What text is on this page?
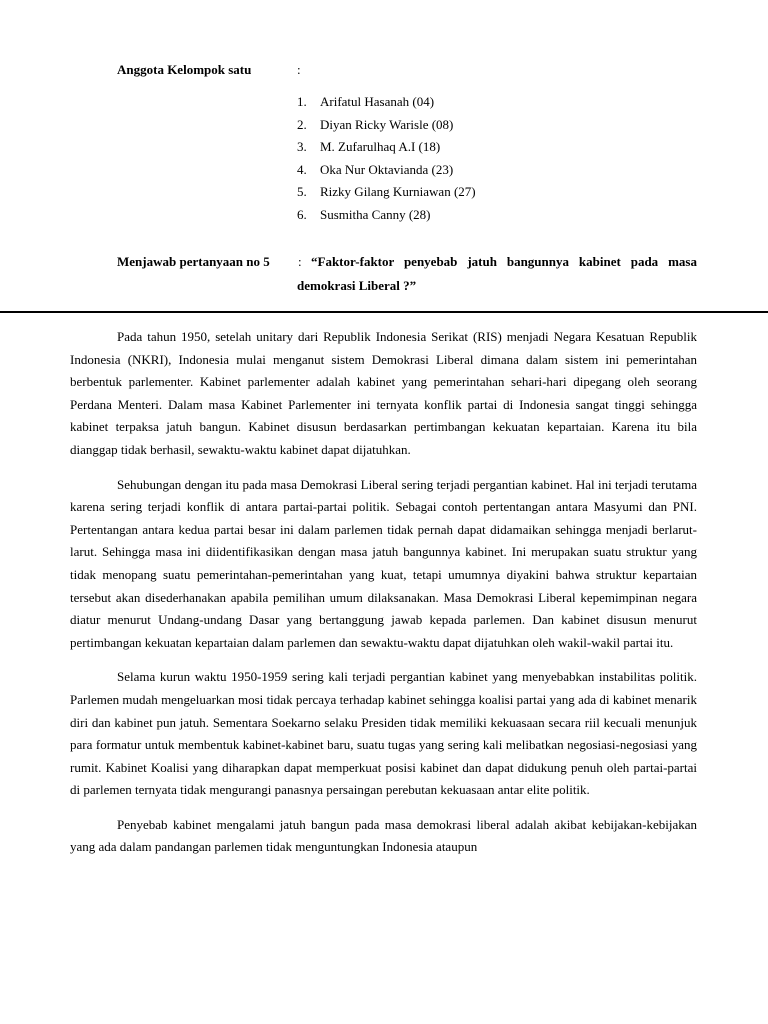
Anggota Kelompok satu	:
1.	Arifatul Hasanah (04)
2.	Diyan Ricky Warisle (08)
3.	M. Zufarulhaq A.I (18)
4.	Oka Nur Oktavianda (23)
5.	Rizky Gilang Kurniawan (27)
6.	Susmitha Canny (28)
Menjawab pertanyaan no 5 : “Faktor-faktor penyebab jatuh bangunnya kabinet pada masa demokrasi Liberal ?”

Pada tahun 1950, setelah unitary dari Republik Indonesia Serikat (RIS) menjadi Negara Kesatuan Republik Indonesia (NKRI), Indonesia mulai menganut sistem Demokrasi Liberal dimana dalam sistem ini pemerintahan berbentuk parlementer. Kabinet parlementer adalah kabinet yang pemerintahan sehari-hari dipegang oleh seorang Perdana Menteri. Dalam masa Kabinet Parlementer ini ternyata konflik partai di Indonesia sangat tinggi sehingga kabinet terpaksa jatuh bangun. Kabinet disusun berdasarkan pertimbangan kekuatan kepartaian. Karena itu bila dianggap tidak berhasil, sewaktu-waktu kabinet dapat dijatuhkan.

Sehubungan dengan itu pada masa Demokrasi Liberal sering terjadi pergantian kabinet. Hal ini terjadi terutama karena sering terjadi konflik di antara partai-partai politik. Sebagai contoh pertentangan antara Masyumi dan PNI. Pertentangan antara kedua partai besar ini dalam parlemen tidak pernah dapat didamaikan sehingga menjadi berlarut-larut. Sehingga masa ini diidentifikasikan dengan masa jatuh bangunnya kabinet. Ini merupakan suatu struktur yang tidak menopang suatu pemerintahan-pemerintahan yang kuat, tetapi umumnya diyakini bahwa struktur kepartaian tersebut akan disederhanakan apabila pemilihan umum dilaksanakan. Masa Demokrasi Liberal kepemimpinan negara diatur menurut Undang-undang Dasar yang bertanggung jawab kepada parlemen. Dan kabinet disusun menurut pertimbangan kekuatan kepartaian dalam parlemen dan sewaktu-waktu dapat dijatuhkan oleh wakil-wakil partai itu.

Selama kurun waktu 1950-1959 sering kali terjadi pergantian kabinet yang menyebabkan instabilitas politik. Parlemen mudah mengeluarkan mosi tidak percaya terhadap kabinet sehingga koalisi partai yang ada di kabinet menarik diri dan kabinet pun jatuh. Sementara Soekarno selaku Presiden tidak memiliki kekuasaan secara riil kecuali menunjuk para formatur untuk membentuk kabinet-kabinet baru, suatu tugas yang sering kali melibatkan negosiasi-negosiasi yang rumit. Kabinet Koalisi yang diharapkan dapat memperkuat posisi kabinet dan dapat didukung penuh oleh partai-partai di parlemen ternyata tidak mengurangi panasnya persaingan perebutan kekuasaan antar elite politik.

Penyebab kabinet mengalami jatuh bangun pada masa demokrasi liberal adalah akibat kebijakan-kebijakan yang ada dalam pandangan parlemen tidak menguntungkan Indonesia ataupun
